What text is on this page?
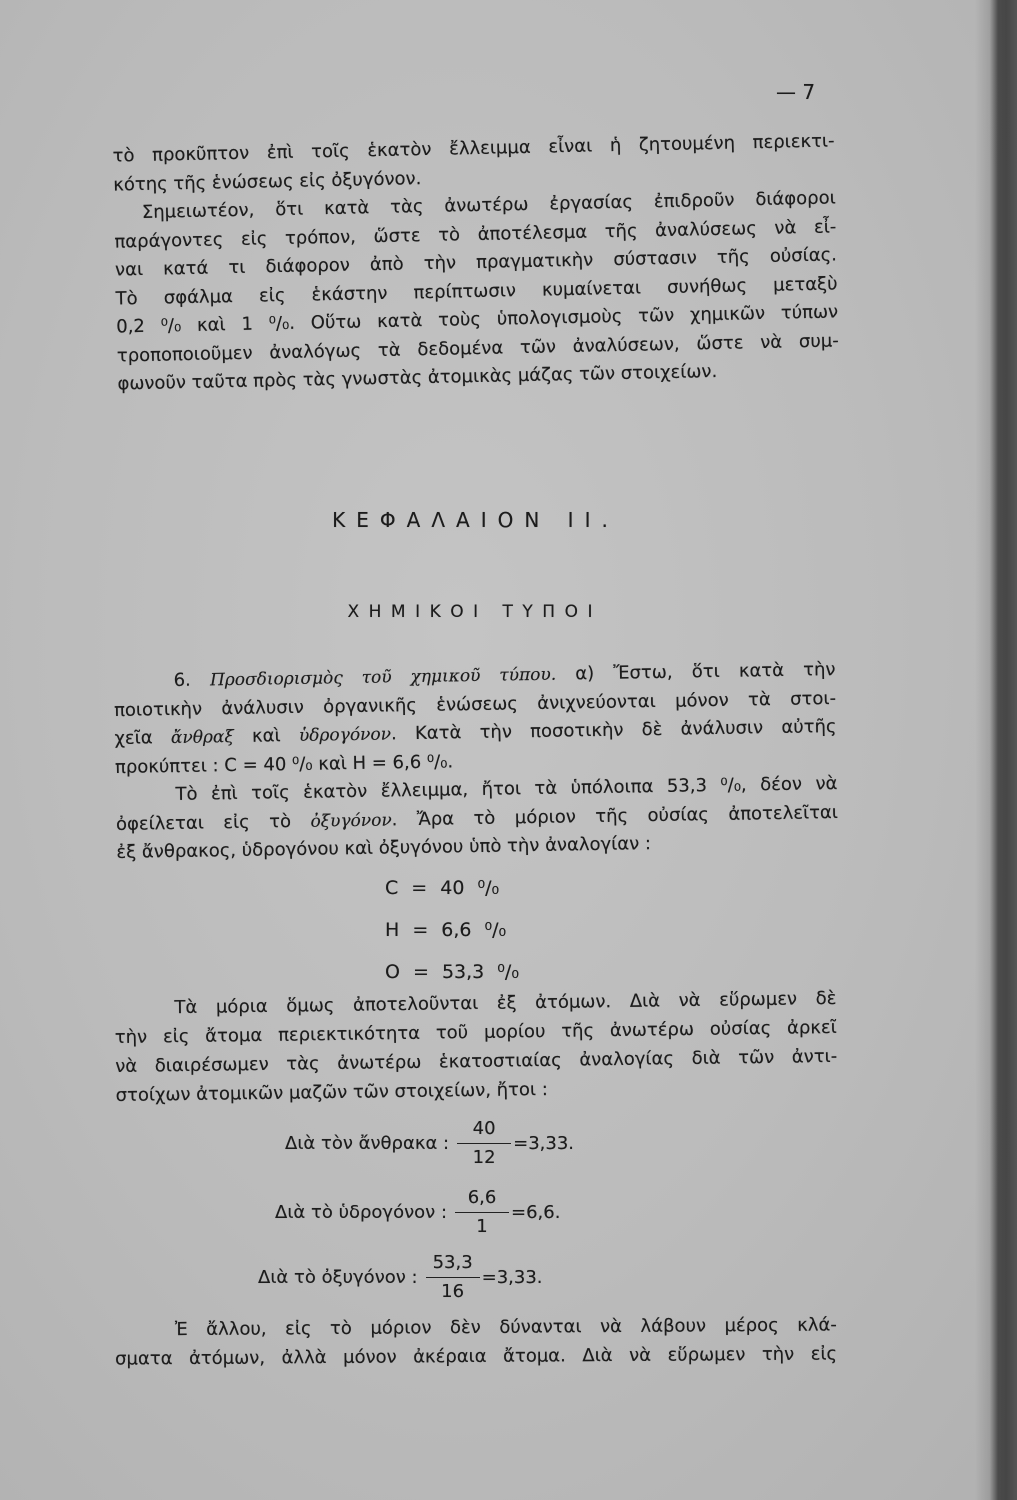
— 7
τὸ προκῦπτον ἐπὶ τοῖς ἑκατὸν ἔλλειμμα εἶναι ἡ ζητουμένη περιεκτι-
κότης τῆς ἑνώσεως εἰς ὀξυγόνον.
Σημειωτέον, ὅτι κατὰ τὰς ἀνωτέρω ἐργασίας ἐπιδροῦν διάφοροι
παράγοντες εἰς τρόπον, ὥστε τὸ ἀποτέλεσμα τῆς ἀναλύσεως νὰ εἶ-
ναι κατά τι διάφορον ἀπὸ τὴν πραγματικὴν σύστασιν τῆς οὐσίας.
Τὸ σφάλμα εἰς ἑκάστην περίπτωσιν κυμαίνεται συνήθως μεταξὺ
0,2 ⁰/₀ καὶ 1 ⁰/₀. Οὕτω κατὰ τοὺς ὑπολογισμοὺς τῶν χημικῶν τύπων
τροποποιοῦμεν ἀναλόγως τὰ δεδομένα τῶν ἀναλύσεων, ὥστε νὰ συμ-
φωνοῦν ταῦτα πρὸς τὰς γνωστὰς ἀτομικὰς μάζας τῶν στοιχείων.
ΚΕΦΑΛΑΙΟΝ ΙΙ.
ΧΗΜΙΚΟΙ ΤΥΠΟΙ
6. Προσδιορισμὸς τοῦ χημικοῦ τύπου. α) Ἔστω, ὅτι κατὰ τὴν
ποιοτικὴν ἀνάλυσιν ὀργανικῆς ἑνώσεως ἀνιχνεύονται μόνον τὰ στοι-
χεῖα ἄνθραξ καὶ ὑδρογόνον. Κατὰ τὴν ποσοτικὴν δὲ ἀνάλυσιν αὐτῆς
προκύπτει : C = 40 ⁰/₀ καὶ H = 6,6 ⁰/₀.
Τὸ ἐπὶ τοῖς ἑκατὸν ἔλλειμμα, ἤτοι τὰ ὑπόλοιπα 53,3 ⁰/₀, δέον νὰ
ὀφείλεται εἰς τὸ ὀξυγόνον. Ἄρα τὸ μόριον τῆς οὐσίας ἀποτελεῖται
ἐξ ἄνθρακος, ὑδρογόνου καὶ ὀξυγόνου ὑπὸ τὴν ἀναλογίαν :
C = 40 ⁰/₀
H = 6,6 ⁰/₀
O = 53,3 ⁰/₀
Τὰ μόρια ὅμως ἀποτελοῦνται ἐξ ἀτόμων. Διὰ νὰ εὕρωμεν δὲ
τὴν εἰς ἄτομα περιεκτικότητα τοῦ μορίου τῆς ἀνωτέρω οὐσίας ἀρκεῖ
νὰ διαιρέσωμεν τὰς ἀνωτέρω ἑκατοστιαίας ἀναλογίας διὰ τῶν ἀντι-
στοίχων ἀτομικῶν μαζῶν τῶν στοιχείων, ἤτοι :
Διὰ τὸν ἄνθρακα : $\frac{40}{12} =3,33$.
Διὰ τὸ ὑδρογόνον : $\frac{6,6}{1} =6,6$.
Διὰ τὸ ὀξυγόνον : $\frac{53,3}{16} =3,33$.
Ἐ ἄλλου, εἰς τὸ μόριον δὲν δύνανται νὰ λάβουν μέρος κλά-
σματα ἀτόμων, ἀλλὰ μόνον ἀκέραια ἄτομα. Διὰ νὰ εὕρωμεν τὴν εἰς
